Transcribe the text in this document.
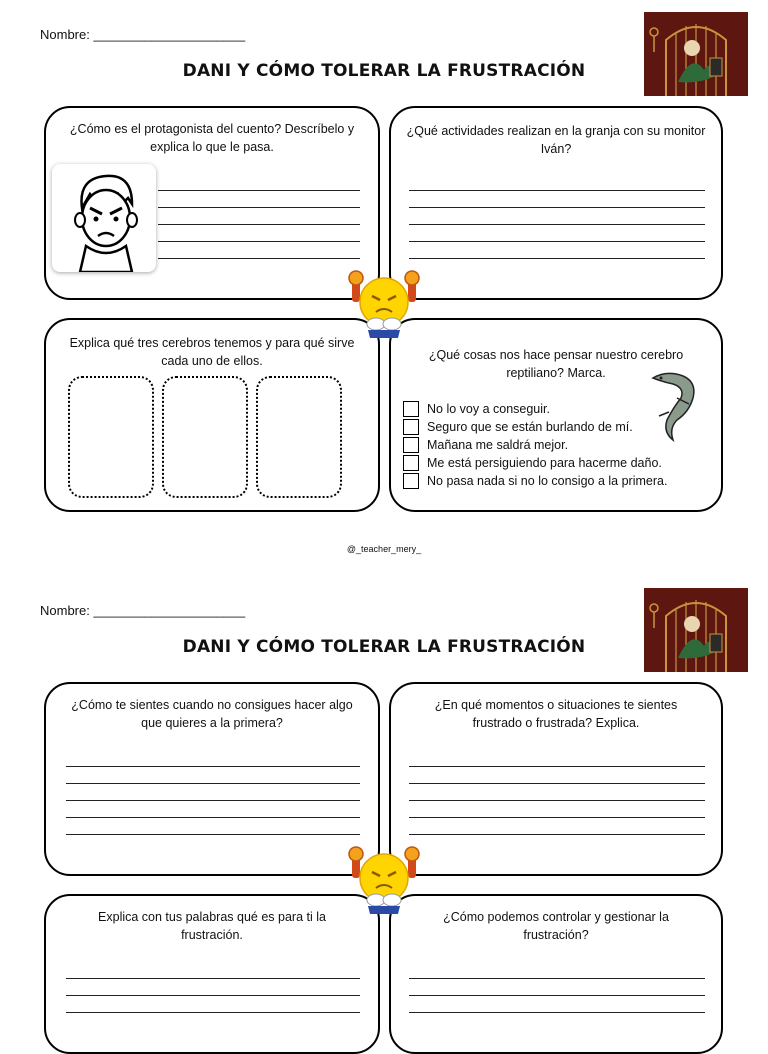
Nombre: _____________________
DANI Y CÓMO TOLERAR LA FRUSTRACIÓN
¿Cómo es el protagonista del cuento? Descríbelo y explica lo que le pasa.
¿Qué actividades realizan en la granja con su monitor Iván?
Explica qué tres cerebros tenemos y para qué sirve cada uno de ellos.	¿Qué cosas nos hace pensar nuestro cerebro reptiliano? Marca.
No lo voy a conseguir.
Seguro que se están burlando de mí.
Mañana me saldrá mejor.
Me está persiguiendo para hacerme daño.
No pasa nada si no lo consigo a la primera.
@_teacher_mery_
Nombre: _____________________
DANI Y CÓMO TOLERAR LA FRUSTRACIÓN
¿Cómo te sientes cuando no consigues hacer algo que quieres a la primera?
¿En qué momentos o situaciones te sientes frustrado o frustrada? Explica.
Explica con tus palabras qué es para ti la frustración.
¿Cómo podemos controlar y gestionar la frustración?
